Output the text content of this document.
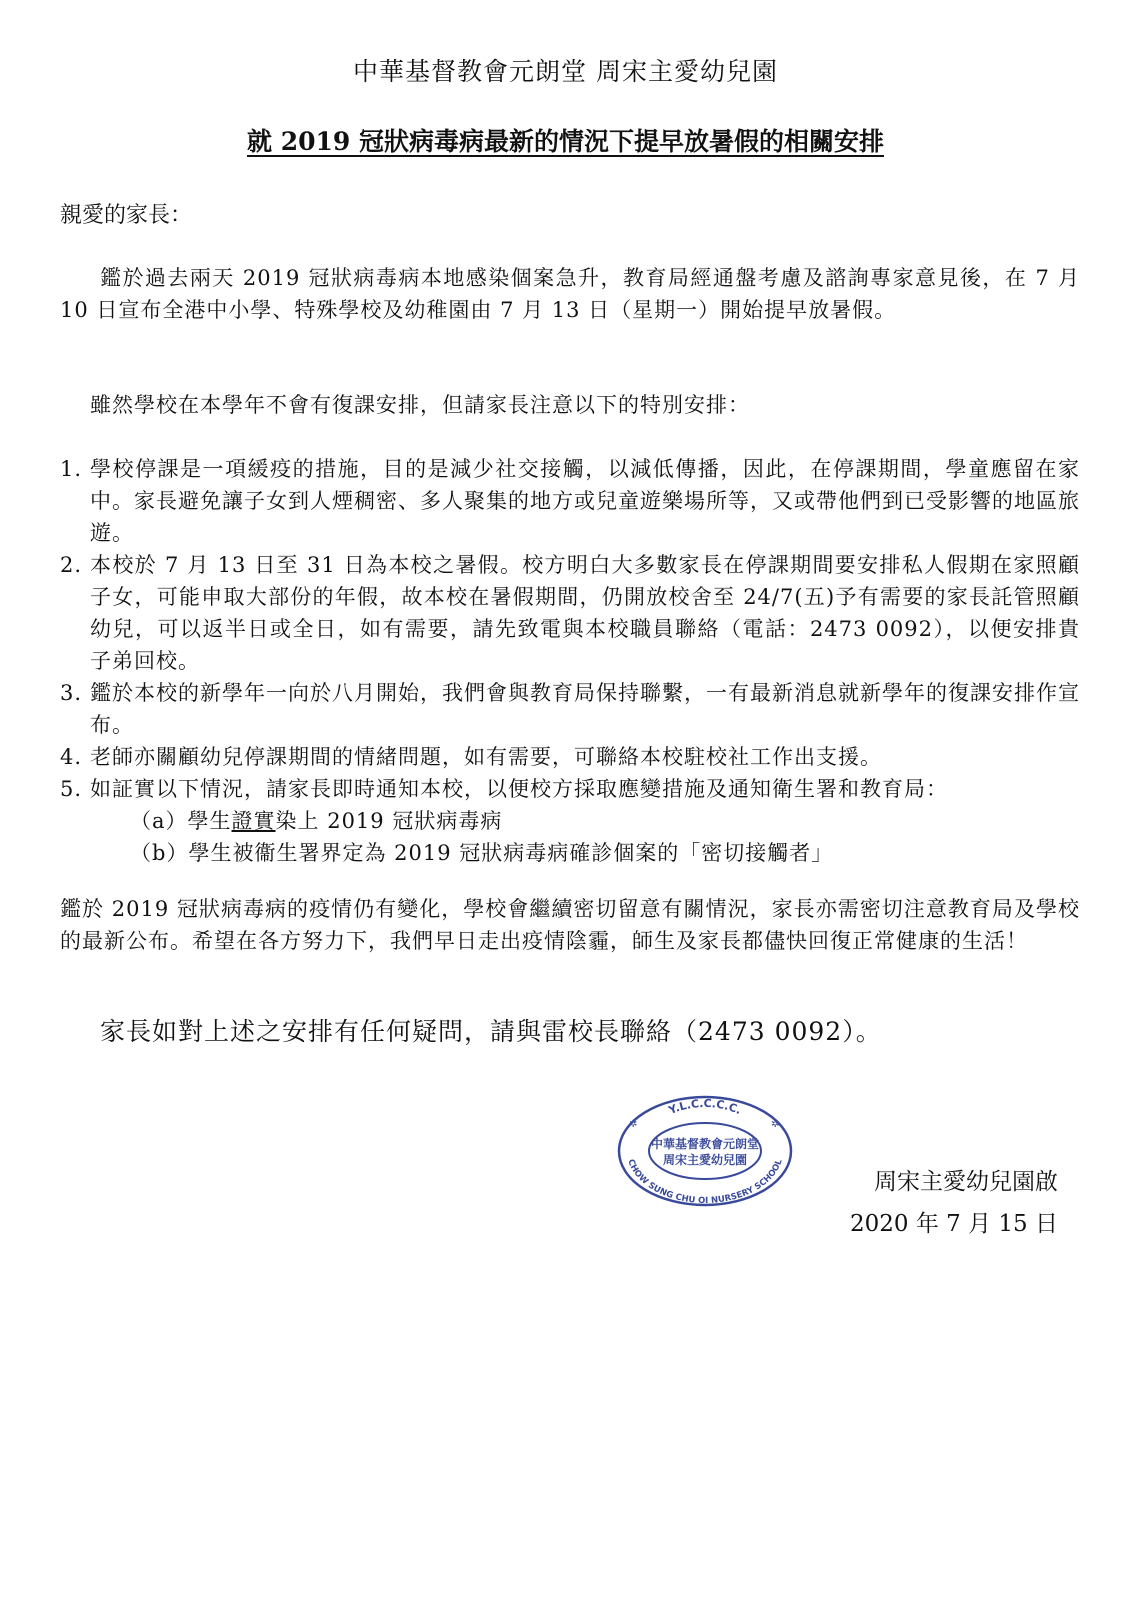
中華基督教會元朗堂 周宋主愛幼兒園
就 2019 冠狀病毒病最新的情況下提早放暑假的相關安排
親愛的家長：
鑑於過去兩天 2019 冠狀病毒病本地感染個案急升，教育局經通盤考慮及諮詢專家意見後，在 7 月 10 日宣布全港中小學、特殊學校及幼稚園由 7 月 13 日（星期一）開始提早放暑假。
雖然學校在本學年不會有復課安排，但請家長注意以下的特別安排：
1. 學校停課是一項緩疫的措施，目的是減少社交接觸，以減低傳播，因此，在停課期間，學童應留在家中。家長避免讓子女到人煙稠密、多人聚集的地方或兒童遊樂場所等，又或帶他們到已受影響的地區旅遊。
2. 本校於 7 月 13 日至 31 日為本校之暑假。校方明白大多數家長在停課期間要安排私人假期在家照顧子女，可能申取大部份的年假，故本校在暑假期間，仍開放校舍至 24/7(五)予有需要的家長託管照顧幼兒，可以返半日或全日，如有需要，請先致電與本校職員聯絡（電話：2473 0092），以便安排貴子弟回校。
3. 鑑於本校的新學年一向於八月開始，我們會與教育局保持聯繫，一有最新消息就新學年的復課安排作宣布。
4. 老師亦關顧幼兒停課期間的情緒問題，如有需要，可聯絡本校駐校社工作出支援。
5. 如証實以下情況，請家長即時通知本校，以便校方採取應變措施及通知衛生署和教育局：
（a）學生證實染上 2019 冠狀病毒病
（b）學生被衞生署界定為 2019 冠狀病毒病確診個案的「密切接觸者」
鑑於 2019 冠狀病毒病的疫情仍有變化，學校會繼續密切留意有關情況，家長亦需密切注意教育局及學校的最新公布。希望在各方努力下，我們早日走出疫情陰霾，師生及家長都儘快回復正常健康的生活！
家長如對上述之安排有任何疑問，請與雷校長聯絡（2473 0092）。
Y.L.C.C.C.C.
中華基督教會元朗堂
周宋主愛幼兒園
CHOW SUNG CHU OI NURSERY SCHOOL
✲	✲
周宋主愛幼兒園啟
2020 年 7 月 15 日
